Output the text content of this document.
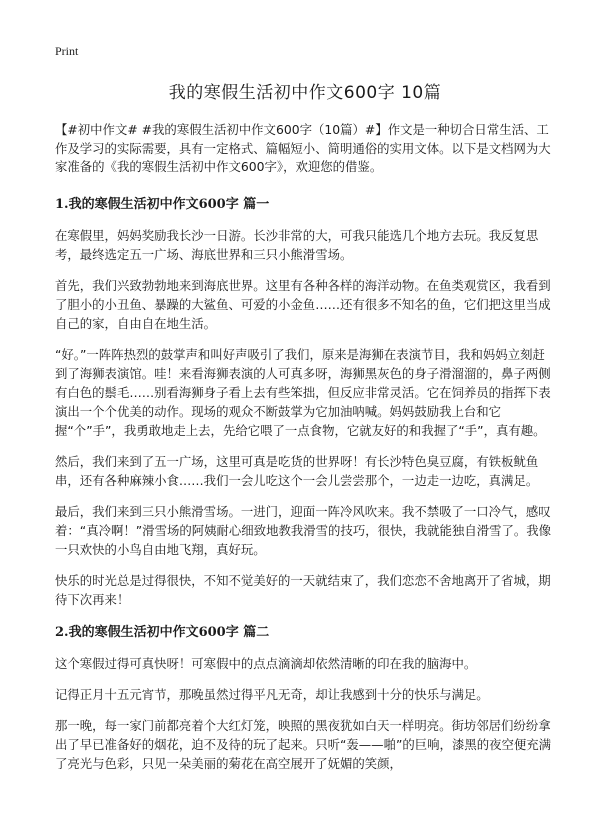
Print
我的寒假生活初中作文600字 10篇

【#初中作文# #我的寒假生活初中作文600字（10篇）#】作文是一种切合日常生活、工作及学习的实际需要，具有一定格式、篇幅短小、简明通俗的实用文体。以下是文档网为大家准备的《我的寒假生活初中作文600字》，欢迎您的借鉴。

1.我的寒假生活初中作文600字 篇一

在寒假里，妈妈奖励我长沙一日游。长沙非常的大，可我只能选几个地方去玩。我反复思考，最终选定五一广场、海底世界和三只小熊滑雪场。

首先，我们兴致勃勃地来到海底世界。这里有各种各样的海洋动物。在鱼类观赏区，我看到了胆小的小丑鱼、暴躁的大鲨鱼、可爱的小金鱼……还有很多不知名的鱼，它们把这里当成自己的家，自由自在地生活。

“好。”一阵阵热烈的鼓掌声和叫好声吸引了我们，原来是海狮在表演节目，我和妈妈立刻赶到了海狮表演馆。哇！来看海狮表演的人可真多呀，海狮黑灰色的身子滑溜溜的，鼻子两侧有白色的鬃毛……别看海狮身子看上去有些笨拙，但反应非常灵活。它在饲养员的指挥下表演出一个个优美的动作。现场的观众不断鼓掌为它加油呐喊。妈妈鼓励我上台和它握“个”手”，我勇敢地走上去，先给它喂了一点食物，它就友好的和我握了“手”，真有趣。

然后，我们来到了五一广场，这里可真是吃货的世界呀！有长沙特色臭豆腐，有铁板鱿鱼串，还有各种麻辣小食……我们一会儿吃这个一会儿尝尝那个，一边走一边吃，真满足。

最后，我们来到三只小熊滑雪场。一进门，迎面一阵冷风吹来。我不禁吸了一口冷气，感叹着：“真冷啊！”滑雪场的阿姨耐心细致地教我滑雪的技巧，很快，我就能独自滑雪了。我像一只欢快的小鸟自由地飞翔，真好玩。

快乐的时光总是过得很快，不知不觉美好的一天就结束了，我们恋恋不舍地离开了省城，期待下次再来！

2.我的寒假生活初中作文600字 篇二

这个寒假过得可真快呀！可寒假中的点点滴滴却依然清晰的印在我的脑海中。

记得正月十五元宵节，那晚虽然过得平凡无奇，却让我感到十分的快乐与满足。

那一晚，每一家门前都亮着个大红灯笼，映照的黑夜犹如白天一样明亮。街坊邻居们纷纷拿出了早已准备好的烟花，迫不及待的玩了起来。只听“轰——啪”的巨响，漆黑的夜空便充满了亮光与色彩，只见一朵美丽的菊花在高空展开了妩媚的笑颜，
